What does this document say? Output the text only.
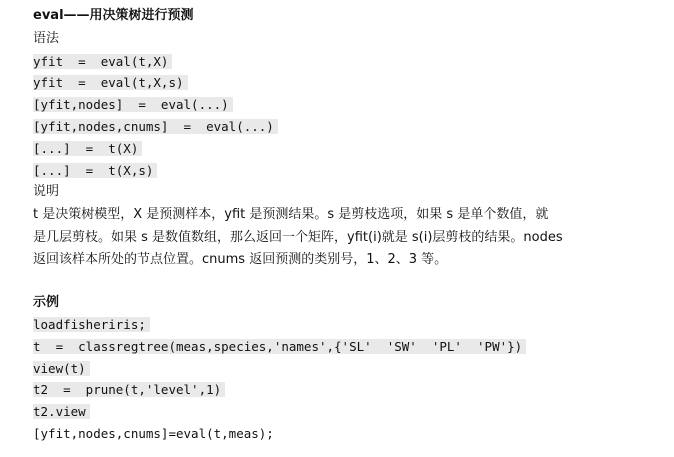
eval——用决策树进行预测
语法
yfit  =  eval(t,X)
yfit  =  eval(t,X,s)
[yfit,nodes]  =  eval(...)
[yfit,nodes,cnums]  =  eval(...)
[...]  =  t(X)
[...]  =  t(X,s)
说明
t 是决策树模型，X 是预测样本，yfit 是预测结果。s 是剪枝选项，如果 s 是单个数值，就
是几层剪枝。如果 s 是数值数组，那么返回一个矩阵，yfit(i)就是 s(i)层剪枝的结果。nodes
返回该样本所处的节点位置。cnums 返回预测的类别号，1、2、3 等。
示例
loadfisheriris;
t  =  classregtree(meas,species,'names',{'SL'  'SW'  'PL'  'PW'})
view(t)
t2  =  prune(t,'level',1)
t2.view
[yfit,nodes,cnums]=eval(t,meas);
